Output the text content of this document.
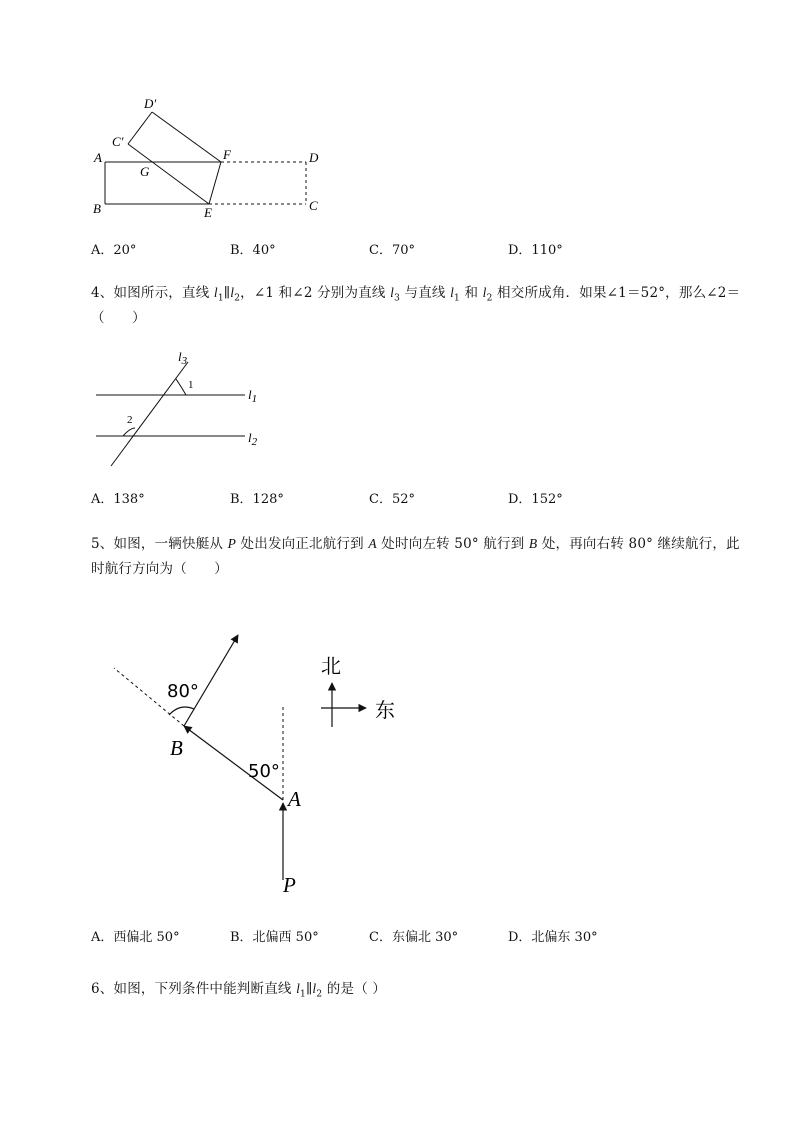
D′
C′
A	F	D
G
B	E	C
A．20°	B．40°	C．70°	D．110°
4、如图所示，直线 $l_1\parallel l_2$，∠1 和∠2 分别为直线 $l_3$ 与直线 $l_1$ 和 $l_2$ 相交所成角．如果∠1＝52°，那么∠2＝（　　）
$l_3$
1
$l_1$
2
$l_2$
A．138°	B．128°	C．52°	D．152°
5、如图，一辆快艇从 P 处出发向正北航行到 A 处时向左转 50° 航行到 B 处，再向右转 80° 继续航行，此时航行方向为（　　）
80°
B
50°
A
P
北
东
A．西偏北 50°	B．北偏西 50°	C．东偏北 30°	D．北偏东 30°
6、如图，下列条件中能判断直线 $l_1\parallel l_2$ 的是（ ）
